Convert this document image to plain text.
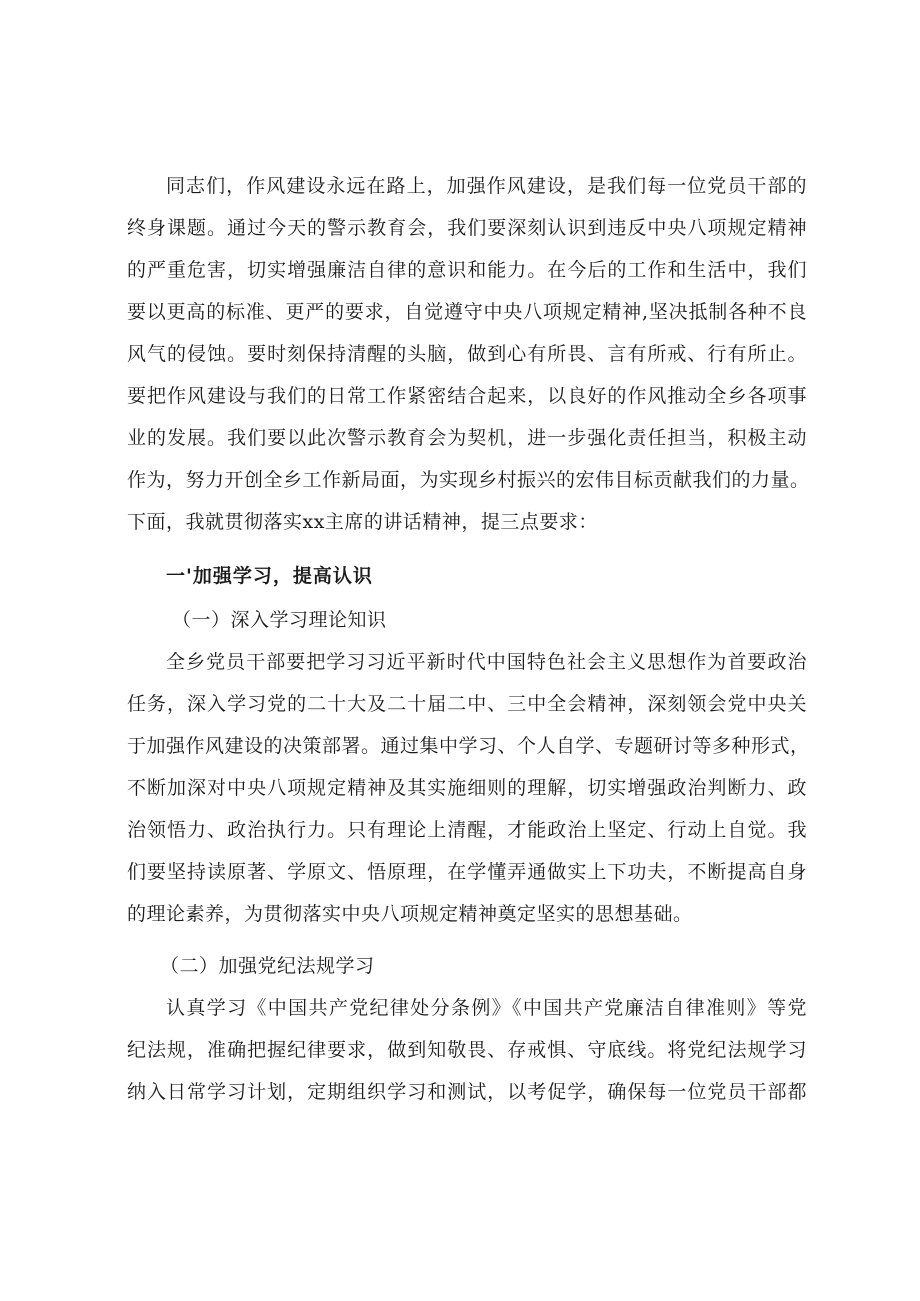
同志们，作风建设永远在路上，加强作风建设，是我们每一位党员干部的
终身课题。通过今天的警示教育会，我们要深刻认识到违反中央八项规定精神
的严重危害，切实增强廉洁自律的意识和能力。在今后的工作和生活中，我们
要以更高的标准、更严的要求，自觉遵守中央八项规定精神,坚决抵制各种不良
风气的侵蚀。要时刻保持清醒的头脑，做到心有所畏、言有所戒、行有所止。
要把作风建设与我们的日常工作紧密结合起来，以良好的作风推动全乡各项事
业的发展。我们要以此次警示教育会为契机，进一步强化责任担当，积极主动
作为，努力开创全乡工作新局面，为实现乡村振兴的宏伟目标贡献我们的力量。
下面，我就贯彻落实xx主席的讲话精神，提三点要求：
一'加强学习，提高认识
（一）深入学习理论知识
全乡党员干部要把学习习近平新时代中国特色社会主义思想作为首要政治
任务，深入学习党的二十大及二十届二中、三中全会精神，深刻领会党中央关
于加强作风建设的决策部署。通过集中学习、个人自学、专题研讨等多种形式，
不断加深对中央八项规定精神及其实施细则的理解，切实增强政治判断力、政
治领悟力、政治执行力。只有理论上清醒，才能政治上坚定、行动上自觉。我
们要坚持读原著、学原文、悟原理，在学懂弄通做实上下功夫，不断提高自身
的理论素养，为贯彻落实中央八项规定精神奠定坚实的思想基础。
（二）加强党纪法规学习
认真学习《中国共产党纪律处分条例》《中国共产党廉洁自律准则》等党
纪法规，准确把握纪律要求，做到知敬畏、存戒惧、守底线。将党纪法规学习
纳入日常学习计划，定期组织学习和测试，以考促学，确保每一位党员干部都
